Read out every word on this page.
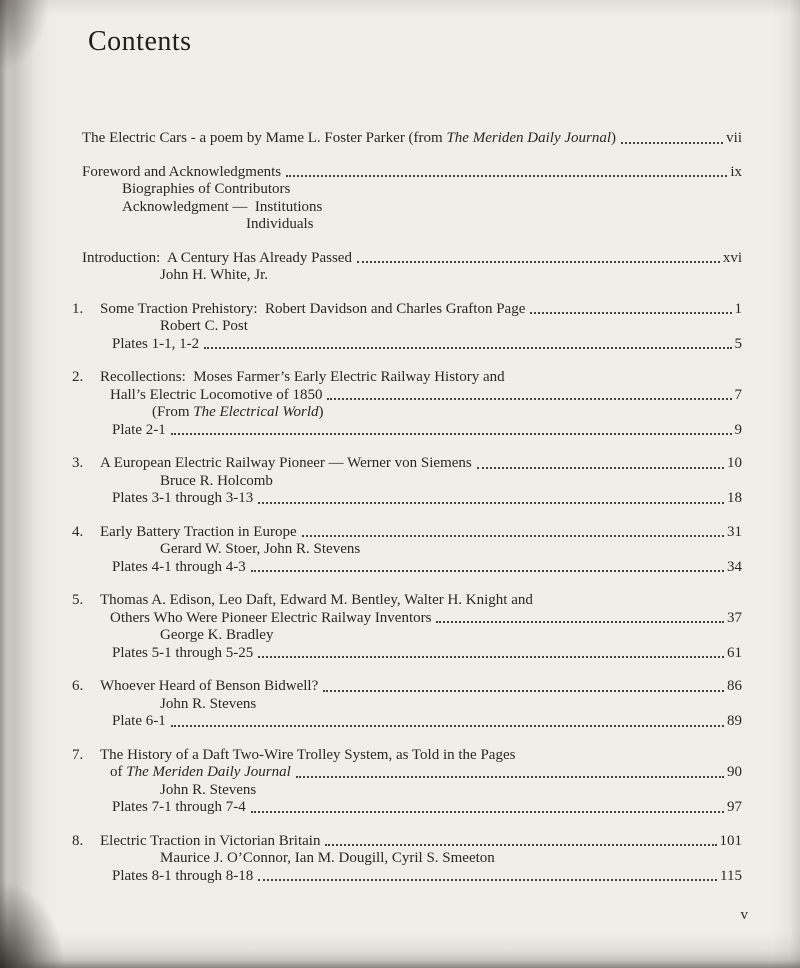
Contents
The Electric Cars - a poem by Mame L. Foster Parker (from The Meriden Daily Journal)	vii
Foreword and Acknowledgments	ix
Biographies of Contributors
Acknowledgment —  Institutions
Individuals
Introduction:  A Century Has Already Passed	xvi
John H. White, Jr.
1.	Some Traction Prehistory:  Robert Davidson and Charles Grafton Page	1
Robert C. Post
Plates 1-1, 1-2	5
2.	Recollections:  Moses Farmer’s Early Electric Railway History and
Hall’s Electric Locomotive of 1850	7
(From The Electrical World)
Plate 2-1	9
3.	A European Electric Railway Pioneer — Werner von Siemens	10
Bruce R. Holcomb
Plates 3-1 through 3-13	18
4.	Early Battery Traction in Europe	31
Gerard W. Stoer, John R. Stevens
Plates 4-1 through 4-3	34
5.	Thomas A. Edison, Leo Daft, Edward M. Bentley, Walter H. Knight and
Others Who Were Pioneer Electric Railway Inventors	37
George K. Bradley
Plates 5-1 through 5-25	61
6.	Whoever Heard of Benson Bidwell?	86
John R. Stevens
Plate 6-1	89
7.	The History of a Daft Two-Wire Trolley System, as Told in the Pages
of The Meriden Daily Journal	90
John R. Stevens
Plates 7-1 through 7-4	97
8.	Electric Traction in Victorian Britain	101
Maurice J. O’Connor, Ian M. Dougill, Cyril S. Smeeton
Plates 8-1 through 8-18	115
v
